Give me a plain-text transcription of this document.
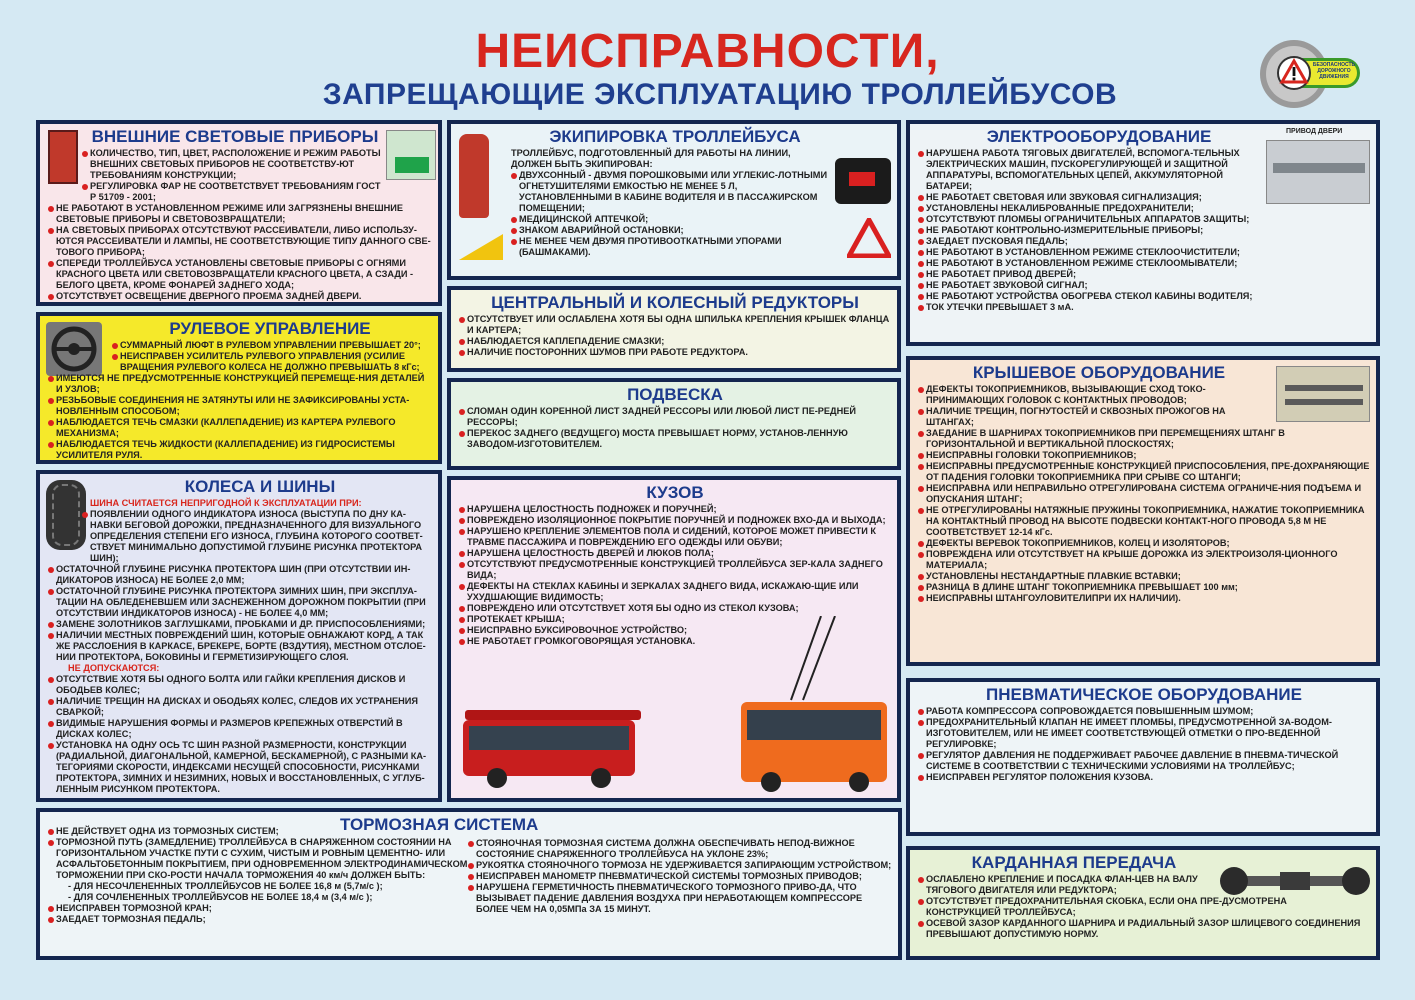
НЕИСПРАВНОСТИ,
ЗАПРЕЩАЮЩИЕ ЭКСПЛУАТАЦИЮ ТРОЛЛЕЙБУСОВ
БЕЗОПАСНОСТЬ ДОРОЖНОГО ДВИЖЕНИЯ
ВНЕШНИЕ СВЕТОВЫЕ ПРИБОРЫ
КОЛИЧЕСТВО, ТИП, ЦВЕТ, РАСПОЛОЖЕНИЕ И РЕЖИМ РАБОТЫ ВНЕШНИХ СВЕТОВЫХ ПРИБОРОВ НЕ СООТВЕТСТВУ-ЮТ ТРЕБОВАНИЯМ КОНСТРУКЦИИ;
РЕГУЛИРОВКА ФАР НЕ СООТВЕТСТВУЕТ ТРЕБОВАНИЯМ ГОСТ Р 51709 - 2001;
НЕ РАБОТАЮТ В УСТАНОВЛЕННОМ РЕЖИМЕ ИЛИ ЗАГРЯЗНЕНЫ ВНЕШНИЕ СВЕТОВЫЕ ПРИБОРЫ И СВЕТОВОЗВРАЩАТЕЛИ;
НА СВЕТОВЫХ ПРИБОРАХ ОТСУТСТВУЮТ РАССЕИВАТЕЛИ, ЛИБО ИСПОЛЬЗУ-ЮТСЯ РАССЕИВАТЕЛИ И ЛАМПЫ, НЕ СООТВЕТСТВУЮЩИЕ ТИПУ ДАННОГО СВЕ-ТОВОГО ПРИБОРА;
СПЕРЕДИ ТРОЛЛЕЙБУСА УСТАНОВЛЕНЫ СВЕТОВЫЕ ПРИБОРЫ С ОГНЯМИ КРАСНОГО ЦВЕТА ИЛИ СВЕТОВОЗВРАЩАТЕЛИ КРАСНОГО ЦВЕТА, А СЗАДИ - БЕЛОГО ЦВЕТА, КРОМЕ ФОНАРЕЙ ЗАДНЕГО ХОДА;
ОТСУТСТВУЕТ ОСВЕЩЕНИЕ ДВЕРНОГО ПРОЕМА ЗАДНЕЙ ДВЕРИ.
РУЛЕВОЕ УПРАВЛЕНИЕ
СУММАРНЫЙ ЛЮФТ В РУЛЕВОМ УПРАВЛЕНИИ ПРЕВЫШАЕТ 20°;
НЕИСПРАВЕН УСИЛИТЕЛЬ РУЛЕВОГО УПРАВЛЕНИЯ (УСИЛИЕ ВРАЩЕНИЯ РУЛЕВОГО КОЛЕСА НЕ ДОЛЖНО ПРЕВЫШАТЬ 8 кГс;
ИМЕЮТСЯ НЕ ПРЕДУСМОТРЕННЫЕ КОНСТРУКЦИЕЙ ПЕРЕМЕЩЕ-НИЯ ДЕТАЛЕЙ И УЗЛОВ;
РЕЗЬБОВЫЕ СОЕДИНЕНИЯ НЕ ЗАТЯНУТЫ ИЛИ НЕ ЗАФИКСИРОВАНЫ УСТА-НОВЛЕННЫМ СПОСОБОМ;
НАБЛЮДАЕТСЯ ТЕЧЬ СМАЗКИ (КАЛЛЕПАДЕНИЕ) ИЗ КАРТЕРА РУЛЕВОГО МЕХАНИЗМА;
НАБЛЮДАЕТСЯ ТЕЧЬ ЖИДКОСТИ (КАЛЛЕПАДЕНИЕ) ИЗ ГИДРОСИСТЕМЫ УСИЛИТЕЛЯ РУЛЯ.
КОЛЕСА И ШИНЫ

ШИНА СЧИТАЕТСЯ НЕПРИГОДНОЙ К ЭКСПЛУАТАЦИИ ПРИ:

ПОЯВЛЕНИИ ОДНОГО ИНДИКАТОРА ИЗНОСА (ВЫСТУПА ПО ДНУ КА-НАВКИ БЕГОВОЙ ДОРОЖКИ, ПРЕДНАЗНАЧЕННОГО ДЛЯ ВИЗУАЛЬНОГО ОПРЕДЕЛЕНИЯ СТЕПЕНИ ЕГО ИЗНОСА, ГЛУБИНА КОТОРОГО СООТВЕТ-СТВУЕТ МИНИМАЛЬНО ДОПУСТИМОЙ ГЛУБИНЕ РИСУНКА ПРОТЕКТОРА ШИН);
ОСТАТОЧНОЙ ГЛУБИНЕ РИСУНКА ПРОТЕКТОРА ШИН (ПРИ ОТСУТСТВИИ ИН-ДИКАТОРОВ ИЗНОСА) НЕ БОЛЕЕ 2,0 ММ;
ОСТАТОЧНОЙ ГЛУБИНЕ РИСУНКА ПРОТЕКТОРА ЗИМНИХ ШИН, ПРИ ЭКСПЛУА-ТАЦИИ НА ОБЛЕДЕНЕВШЕМ ИЛИ ЗАСНЕЖЕННОМ ДОРОЖНОМ ПОКРЫТИИ (ПРИ ОТСУТСТВИИ ИНДИКАТОРОВ ИЗНОСА) - НЕ БОЛЕЕ 4,0 ММ;
ЗАМЕНЕ ЗОЛОТНИКОВ ЗАГЛУШКАМИ, ПРОБКАМИ И ДР. ПРИСПОСОБЛЕНИЯМИ;
НАЛИЧИИ МЕСТНЫХ ПОВРЕЖДЕНИЙ ШИН, КОТОРЫЕ ОБНАЖАЮТ КОРД, А ТАК ЖЕ РАССЛОЕНИЯ В КАРКАСЕ, БРЕКЕРЕ, БОРТЕ (ВЗДУТИЯ), МЕСТНОМ ОТСЛОЕ-НИИ ПРОТЕКТОРА, БОКОВИНЫ И ГЕРМЕТИЗИРУЮЩЕГО СЛОЯ.

НЕ ДОПУСКАЮТСЯ:

ОТСУТСТВИЕ ХОТЯ БЫ ОДНОГО БОЛТА ИЛИ ГАЙКИ КРЕПЛЕНИЯ ДИСКОВ И ОБОДЬЕВ КОЛЕС;
НАЛИЧИЕ ТРЕЩИН НА ДИСКАХ И ОБОДЬЯХ КОЛЕС, СЛЕДОВ ИХ УСТРАНЕНИЯ СВАРКОЙ;
ВИДИМЫЕ НАРУШЕНИЯ ФОРМЫ И РАЗМЕРОВ КРЕПЕЖНЫХ ОТВЕРСТИЙ В ДИСКАХ КОЛЕС;
УСТАНОВКА НА ОДНУ ОСЬ ТС ШИН РАЗНОЙ РАЗМЕРНОСТИ, КОНСТРУКЦИИ (РАДИАЛЬНОЙ, ДИАГОНАЛЬНОЙ, КАМЕРНОЙ, БЕСКАМЕРНОЙ), С РАЗНЫМИ КА-ТЕГОРИЯМИ СКОРОСТИ, ИНДЕКСАМИ НЕСУЩЕЙ СПОСОБНОСТИ, РИСУНКАМИ ПРОТЕКТОРА, ЗИМНИХ И НЕЗИМНИХ, НОВЫХ И ВОССТАНОВЛЕННЫХ, С УГЛУБ-ЛЕННЫМ РИСУНКОМ ПРОТЕКТОРА.
ЭКИПИРОВКА ТРОЛЛЕЙБУСА

ТРОЛЛЕЙБУС, ПОДГОТОВЛЕННЫЙ ДЛЯ РАБОТЫ НА ЛИНИИ, ДОЛЖЕН БЫТЬ ЭКИПИРОВАН:

ДВУХСОННЫЙ - ДВУМЯ ПОРОШКОВЫМИ ИЛИ УГЛЕКИС-ЛОТНЫМИ ОГНЕТУШИТЕЛЯМИ ЕМКОСТЬЮ НЕ МЕНЕЕ 5 Л, УСТАНОВЛЕННЫМИ В КАБИНЕ ВОДИТЕЛЯ И В ПАССАЖИРСКОМ ПОМЕЩЕНИИ;
МЕДИЦИНСКОЙ АПТЕЧКОЙ;
ЗНАКОМ АВАРИЙНОЙ ОСТАНОВКИ;
НЕ МЕНЕЕ ЧЕМ ДВУМЯ ПРОТИВООТКАТНЫМИ УПОРАМИ (БАШМАКАМИ).
ЦЕНТРАЛЬНЫЙ И КОЛЕСНЫЙ РЕДУКТОРЫ
ОТСУТСТВУЕТ ИЛИ ОСЛАБЛЕНА ХОТЯ БЫ ОДНА ШПИЛЬКА КРЕПЛЕНИЯ КРЫШЕК ФЛАНЦА И КАРТЕРА;
НАБЛЮДАЕТСЯ КАПЛЕПАДЕНИЕ СМАЗКИ;
НАЛИЧИЕ ПОСТОРОННИХ ШУМОВ ПРИ РАБОТЕ РЕДУКТОРА.
ПОДВЕСКА
СЛОМАН ОДИН КОРЕННОЙ ЛИСТ ЗАДНЕЙ РЕССОРЫ ИЛИ ЛЮБОЙ ЛИСТ ПЕ-РЕДНЕЙ РЕССОРЫ;
ПЕРЕКОС ЗАДНЕГО (ВЕДУЩЕГО) МОСТА ПРЕВЫШАЕТ НОРМУ, УСТАНОВ-ЛЕННУЮ ЗАВОДОМ-ИЗГОТОВИТЕЛЕМ.
КУЗОВ
НАРУШЕНА ЦЕЛОСТНОСТЬ ПОДНОЖЕК И ПОРУЧНЕЙ;
ПОВРЕЖДЕНО ИЗОЛЯЦИОННОЕ ПОКРЫТИЕ ПОРУЧНЕЙ И ПОДНОЖЕК ВХО-ДА И ВЫХОДА;
НАРУШЕНО КРЕПЛЕНИЕ ЭЛЕМЕНТОВ ПОЛА И СИДЕНИЙ, КОТОРОЕ МОЖЕТ ПРИВЕСТИ К ТРАВМЕ ПАССАЖИРА И ПОВРЕЖДЕНИЮ ЕГО ОДЕЖДЫ ИЛИ ОБУВИ;
НАРУШЕНА ЦЕЛОСТНОСТЬ ДВЕРЕЙ И ЛЮКОВ ПОЛА;
ОТСУТСТВУЮТ ПРЕДУСМОТРЕННЫЕ КОНСТРУКЦИЕЙ ТРОЛЛЕЙБУСА ЗЕР-КАЛА ЗАДНЕГО ВИДА;
ДЕФЕКТЫ НА СТЕКЛАХ КАБИНЫ И ЗЕРКАЛАХ ЗАДНЕГО ВИДА, ИСКАЖАЮ-ЩИЕ ИЛИ УХУДШАЮЩИЕ ВИДИМОСТЬ;
ПОВРЕЖДЕНО ИЛИ ОТСУТСТВУЕТ ХОТЯ БЫ ОДНО ИЗ СТЕКОЛ КУЗОВА;
ПРОТЕКАЕТ КРЫША;
НЕИСПРАВНО БУКСИРОВОЧНОЕ УСТРОЙСТВО;
НЕ РАБОТАЕТ ГРОМКОГОВОРЯЩАЯ УСТАНОВКА.
ПРИВОД ДВЕРИ
ЭЛЕКТРООБОРУДОВАНИЕ
НАРУШЕНА РАБОТА ТЯГОВЫХ ДВИГАТЕЛЕЙ, ВСПОМОГА-ТЕЛЬНЫХ ЭЛЕКТРИЧЕСКИХ МАШИН, ПУСКОРЕГУЛИРУЮЩЕЙ И ЗАЩИТНОЙ АППАРАТУРЫ, ВСПОМОГАТЕЛЬНЫХ ЦЕПЕЙ, АККУМУЛЯТОРНОЙ БАТАРЕИ;
НЕ РАБОТАЕТ СВЕТОВАЯ ИЛИ ЗВУКОВАЯ СИГНАЛИЗАЦИЯ;
УСТАНОВЛЕНЫ НЕКАЛИБРОВАННЫЕ ПРЕДОХРАНИТЕЛИ;
ОТСУТСТВУЮТ ПЛОМБЫ ОГРАНИЧИТЕЛЬНЫХ АППАРАТОВ ЗАЩИТЫ;
НЕ РАБОТАЮТ КОНТРОЛЬНО-ИЗМЕРИТЕЛЬНЫЕ ПРИБОРЫ;
ЗАЕДАЕТ ПУСКОВАЯ ПЕДАЛЬ;
НЕ РАБОТАЮТ В УСТАНОВЛЕННОМ РЕЖИМЕ СТЕКЛООЧИСТИТЕЛИ;
НЕ РАБОТАЮТ В УСТАНОВЛЕННОМ РЕЖИМЕ СТЕКЛООМЫВАТЕЛИ;
НЕ РАБОТАЕТ ПРИВОД ДВЕРЕЙ;
НЕ РАБОТАЕТ ЗВУКОВОЙ СИГНАЛ;
НЕ РАБОТАЮТ УСТРОЙСТВА ОБОГРЕВА СТЕКОЛ КАБИНЫ ВОДИТЕЛЯ;
ТОК УТЕЧКИ ПРЕВЫШАЕТ 3 мА.
КРЫШЕВОЕ ОБОРУДОВАНИЕ
ДЕФЕКТЫ ТОКОПРИЕМНИКОВ, ВЫЗЫВАЮЩИЕ СХОД ТОКО-ПРИНИМАЮЩИХ ГОЛОВОК С КОНТАКТНЫХ ПРОВОДОВ;
НАЛИЧИЕ ТРЕЩИН, ПОГНУТОСТЕЙ И СКВОЗНЫХ ПРОЖОГОВ НА ШТАНГАХ;
ЗАЕДАНИЕ В ШАРНИРАХ ТОКОПРИЕМНИКОВ ПРИ ПЕРЕМЕЩЕНИЯХ ШТАНГ В ГОРИЗОНТАЛЬНОЙ И ВЕРТИКАЛЬНОЙ ПЛОСКОСТЯХ;
НЕИСПРАВНЫ ГОЛОВКИ ТОКОПРИЕМНИКОВ;
НЕИСПРАВНЫ ПРЕДУСМОТРЕННЫЕ КОНСТРУКЦИЕЙ ПРИСПОСОБЛЕНИЯ, ПРЕ-ДОХРАНЯЮЩИЕ ОТ ПАДЕНИЯ ГОЛОВКИ ТОКОПРИЕМНИКА ПРИ СРЫВЕ СО ШТАНГИ;
НЕИСПРАВНА ИЛИ НЕПРАВИЛЬНО ОТРЕГУЛИРОВАНА СИСТЕМА ОГРАНИЧЕ-НИЯ ПОДЪЕМА И ОПУСКАНИЯ ШТАНГ;
НЕ ОТРЕГУЛИРОВАНЫ НАТЯЖНЫЕ ПРУЖИНЫ ТОКОПРИЕМНИКА, НАЖАТИЕ ТОКОПРИЕМНИКА НА КОНТАКТНЫЙ ПРОВОД НА ВЫСОТЕ ПОДВЕСКИ КОНТАКТ-НОГО ПРОВОДА 5,8 М НЕ СООТВЕТСТВУЕТ 12-14 кГс.
ДЕФЕКТЫ ВЕРЕВОК ТОКОПРИЕМНИКОВ, КОЛЕЦ И ИЗОЛЯТОРОВ;
ПОВРЕЖДЕНА ИЛИ ОТСУТСТВУЕТ НА КРЫШЕ ДОРОЖКА ИЗ ЭЛЕКТРОИЗОЛЯ-ЦИОННОГО МАТЕРИАЛА;
УСТАНОВЛЕНЫ НЕСТАНДАРТНЫЕ ПЛАВКИЕ ВСТАВКИ;
РАЗНИЦА В ДЛИНЕ ШТАНГ ТОКОПРИЕМНИКА ПРЕВЫШАЕТ 100 мм;
НЕИСПРАВНЫ ШТАНГОУЛОВИТЕЛИПРИ ИХ НАЛИЧИИ).
ПНЕВМАТИЧЕСКОЕ ОБОРУДОВАНИЕ
РАБОТА КОМПРЕССОРА СОПРОВОЖДАЕТСЯ ПОВЫШЕННЫМ ШУМОМ;
ПРЕДОХРАНИТЕЛЬНЫЙ КЛАПАН НЕ ИМЕЕТ ПЛОМБЫ, ПРЕДУСМОТРЕННОЙ ЗА-ВОДОМ-ИЗГОТОВИТЕЛЕМ, ИЛИ НЕ ИМЕЕТ СООТВЕТСТВУЮЩЕЙ ОТМЕТКИ О ПРО-ВЕДЕННОЙ РЕГУЛИРОВКЕ;
РЕГУЛЯТОР ДАВЛЕНИЯ НЕ ПОДДЕРЖИВАЕТ РАБОЧЕЕ ДАВЛЕНИЕ В ПНЕВМА-ТИЧЕСКОЙ СИСТЕМЕ В СООТВЕТСТВИИ С ТЕХНИЧЕСКИМИ УСЛОВИЯМИ НА ТРОЛЛЕЙБУС;
НЕИСПРАВЕН РЕГУЛЯТОР ПОЛОЖЕНИЯ КУЗОВА.
ТОРМОЗНАЯ СИСТЕМА
НЕ ДЕЙСТВУЕТ ОДНА ИЗ ТОРМОЗНЫХ СИСТЕМ;
ТОРМОЗНОЙ ПУТЬ (ЗАМЕДЛЕНИЕ) ТРОЛЛЕЙБУСА В СНАРЯЖЕННОМ СОСТОЯНИИ НА ГОРИЗОНТАЛЬНОМ УЧАСТКЕ ПУТИ С СУХИМ, ЧИСТЫМ И РОВНЫМ ЦЕМЕНТНО- ИЛИ АСФАЛЬТОБЕТОННЫМ ПОКРЫТИЕМ, ПРИ ОДНОВРЕМЕННОМ ЭЛЕКТРОДИНАМИЧЕСКОМ ТОРМОЖЕНИИ ПРИ СКО-РОСТИ НАЧАЛА ТОРМОЖЕНИЯ 40 км/ч ДОЛЖЕН БЫТЬ:

- ДЛЯ НЕСОЧЛЕНЕННЫХ ТРОЛЛЕЙБУСОВ НЕ БОЛЕЕ 16,8 м (5,7м/с );

- ДЛЯ СОЧЛЕНЕННЫХ ТРОЛЛЕЙБУСОВ НЕ БОЛЕЕ 18,4 м (3,4 м/с );

НЕИСПРАВЕН ТОРМОЗНОЙ КРАН;
ЗАЕДАЕТ ТОРМОЗНАЯ ПЕДАЛЬ;
СТОЯНОЧНАЯ ТОРМОЗНАЯ СИСТЕМА ДОЛЖНА ОБЕСПЕЧИВАТЬ НЕПОД-ВИЖНОЕ СОСТОЯНИЕ СНАРЯЖЕННОГО ТРОЛЛЕЙБУСА НА УКЛОНЕ 23%;
РУКОЯТКА СТОЯНОЧНОГО ТОРМОЗА НЕ УДЕРЖИВАЕТСЯ ЗАПИРАЮЩИМ УСТРОЙСТВОМ;
НЕИСПРАВЕН МАНОМЕТР ПНЕВМАТИЧЕСКОЙ СИСТЕМЫ ТОРМОЗНЫХ ПРИВОДОВ;
НАРУШЕНА ГЕРМЕТИЧНОСТЬ ПНЕВМАТИЧЕСКОГО ТОРМОЗНОГО ПРИВО-ДА, ЧТО ВЫЗЫВАЕТ ПАДЕНИЕ ДАВЛЕНИЯ ВОЗДУХА ПРИ НЕРАБОТАЮЩЕМ КОМПРЕССОРЕ БОЛЕЕ ЧЕМ НА 0,05МПа ЗА 15 МИНУТ.
КАРДАННАЯ ПЕРЕДАЧА
ОСЛАБЛЕНО КРЕПЛЕНИЕ И ПОСАДКА ФЛАН-ЦЕВ НА ВАЛУ ТЯГОВОГО ДВИГАТЕЛЯ ИЛИ РЕДУКТОРА;
ОТСУТСТВУЕТ ПРЕДОХРАНИТЕЛЬНАЯ СКОБКА, ЕСЛИ ОНА ПРЕ-ДУСМОТРЕНА КОНСТРУКЦИЕЙ ТРОЛЛЕЙБУСА;
ОСЕВОЙ ЗАЗОР КАРДАННОГО ШАРНИРА И РАДИАЛЬНЫЙ ЗАЗОР ШЛИЦЕВОГО СОЕДИНЕНИЯ ПРЕВЫШАЮТ ДОПУСТИМУЮ НОРМУ.
